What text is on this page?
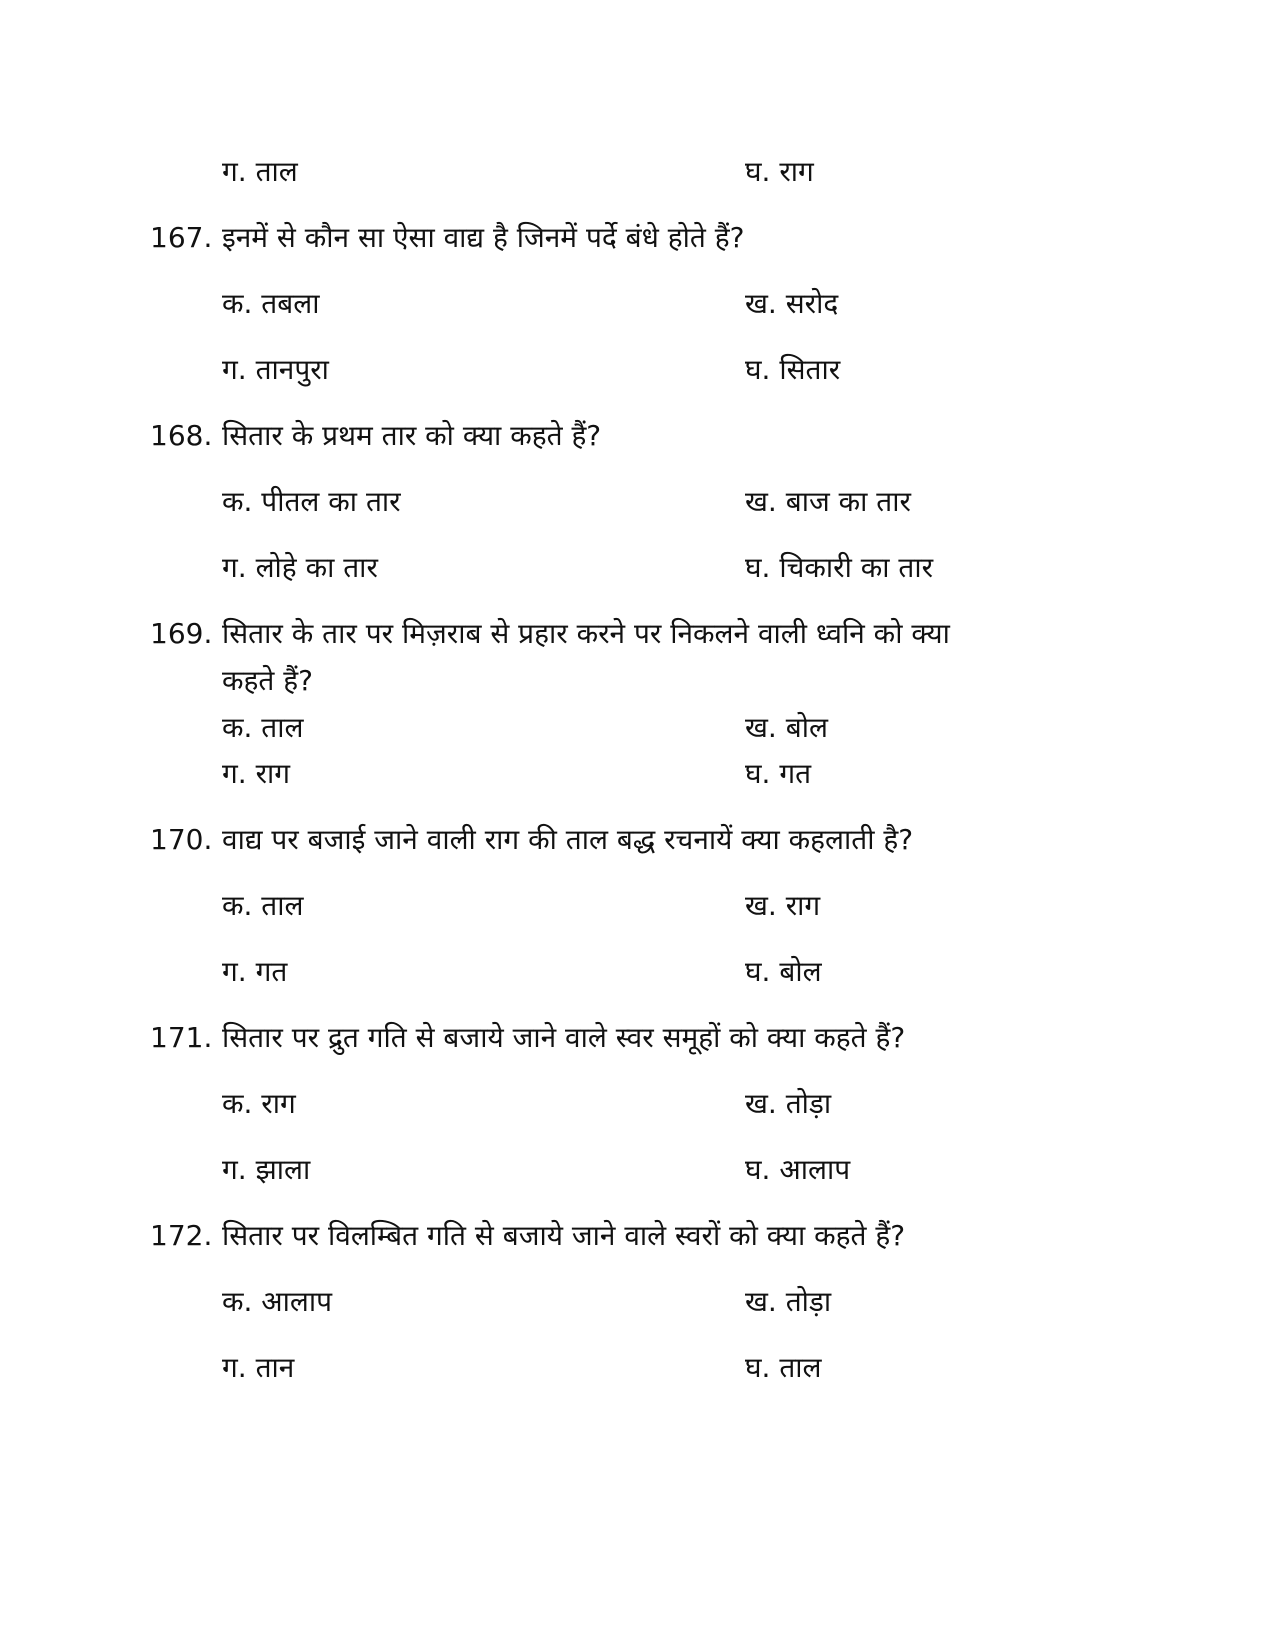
ग. ताल	घ. राग
167. इनमें से कौन सा ऐसा वाद्य है जिनमें पर्दे बंधे होते हैं?
क. तबला	ख. सरोद
ग. तानपुरा	घ. सितार
168. सितार के प्रथम तार को क्या कहते हैं?
क. पीतल का तार	ख. बाज का तार
ग. लोहे का तार	घ. चिकारी का तार
169. सितार के तार पर मिज़राब से प्रहार करने पर निकलने वाली ध्वनि को क्या
कहते हैं?
क. ताल	ख. बोल
ग. राग	घ. गत
170. वाद्य पर बजाई जाने वाली राग की ताल बद्ध रचनायें क्या कहलाती है?
क. ताल	ख. राग
ग. गत	घ. बोल
171. सितार पर द्रुत गति से बजाये जाने वाले स्वर समूहों को क्या कहते हैं?
क. राग	ख. तोड़ा
ग. झाला	घ. आलाप
172. सितार पर विलम्बित गति से बजाये जाने वाले स्वरों को क्या कहते हैं?
क. आलाप	ख. तोड़ा
ग. तान	घ. ताल
